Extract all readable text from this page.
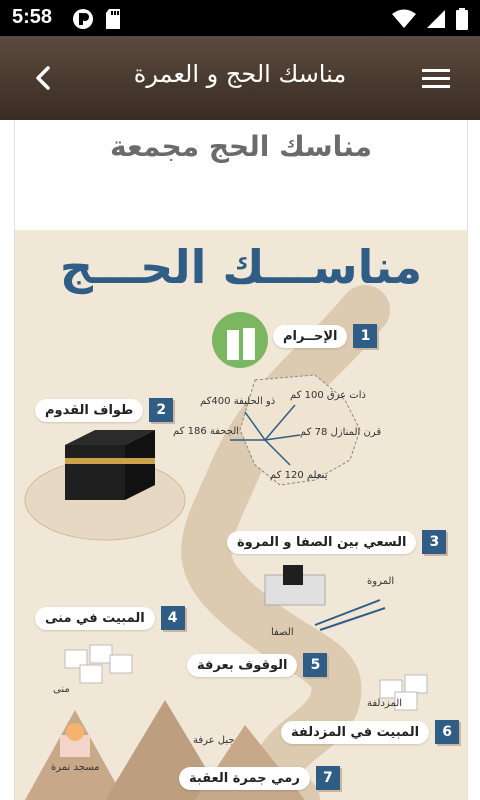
5:58
مناسك الحج و العمرة
مناسك الحج مجمعة
مناســـك الحـــج
1
الإحــرام
2
طواف القدوم
3
السعي بين الصفا و المروة
4
المبيت في منى
5
الوقوف بعرفة
6
المبيت في المزدلفة
7
رمي جمرة العقبة
ذات عرق 100 كم
ذو الحليفة 400كم
الجحفة 186 كم	قرن المنازل 78 كم
ينعلم 120 كم
المروة
الصفا
منى
المزدلفة
جبل عرفة
مسجد نمرة
